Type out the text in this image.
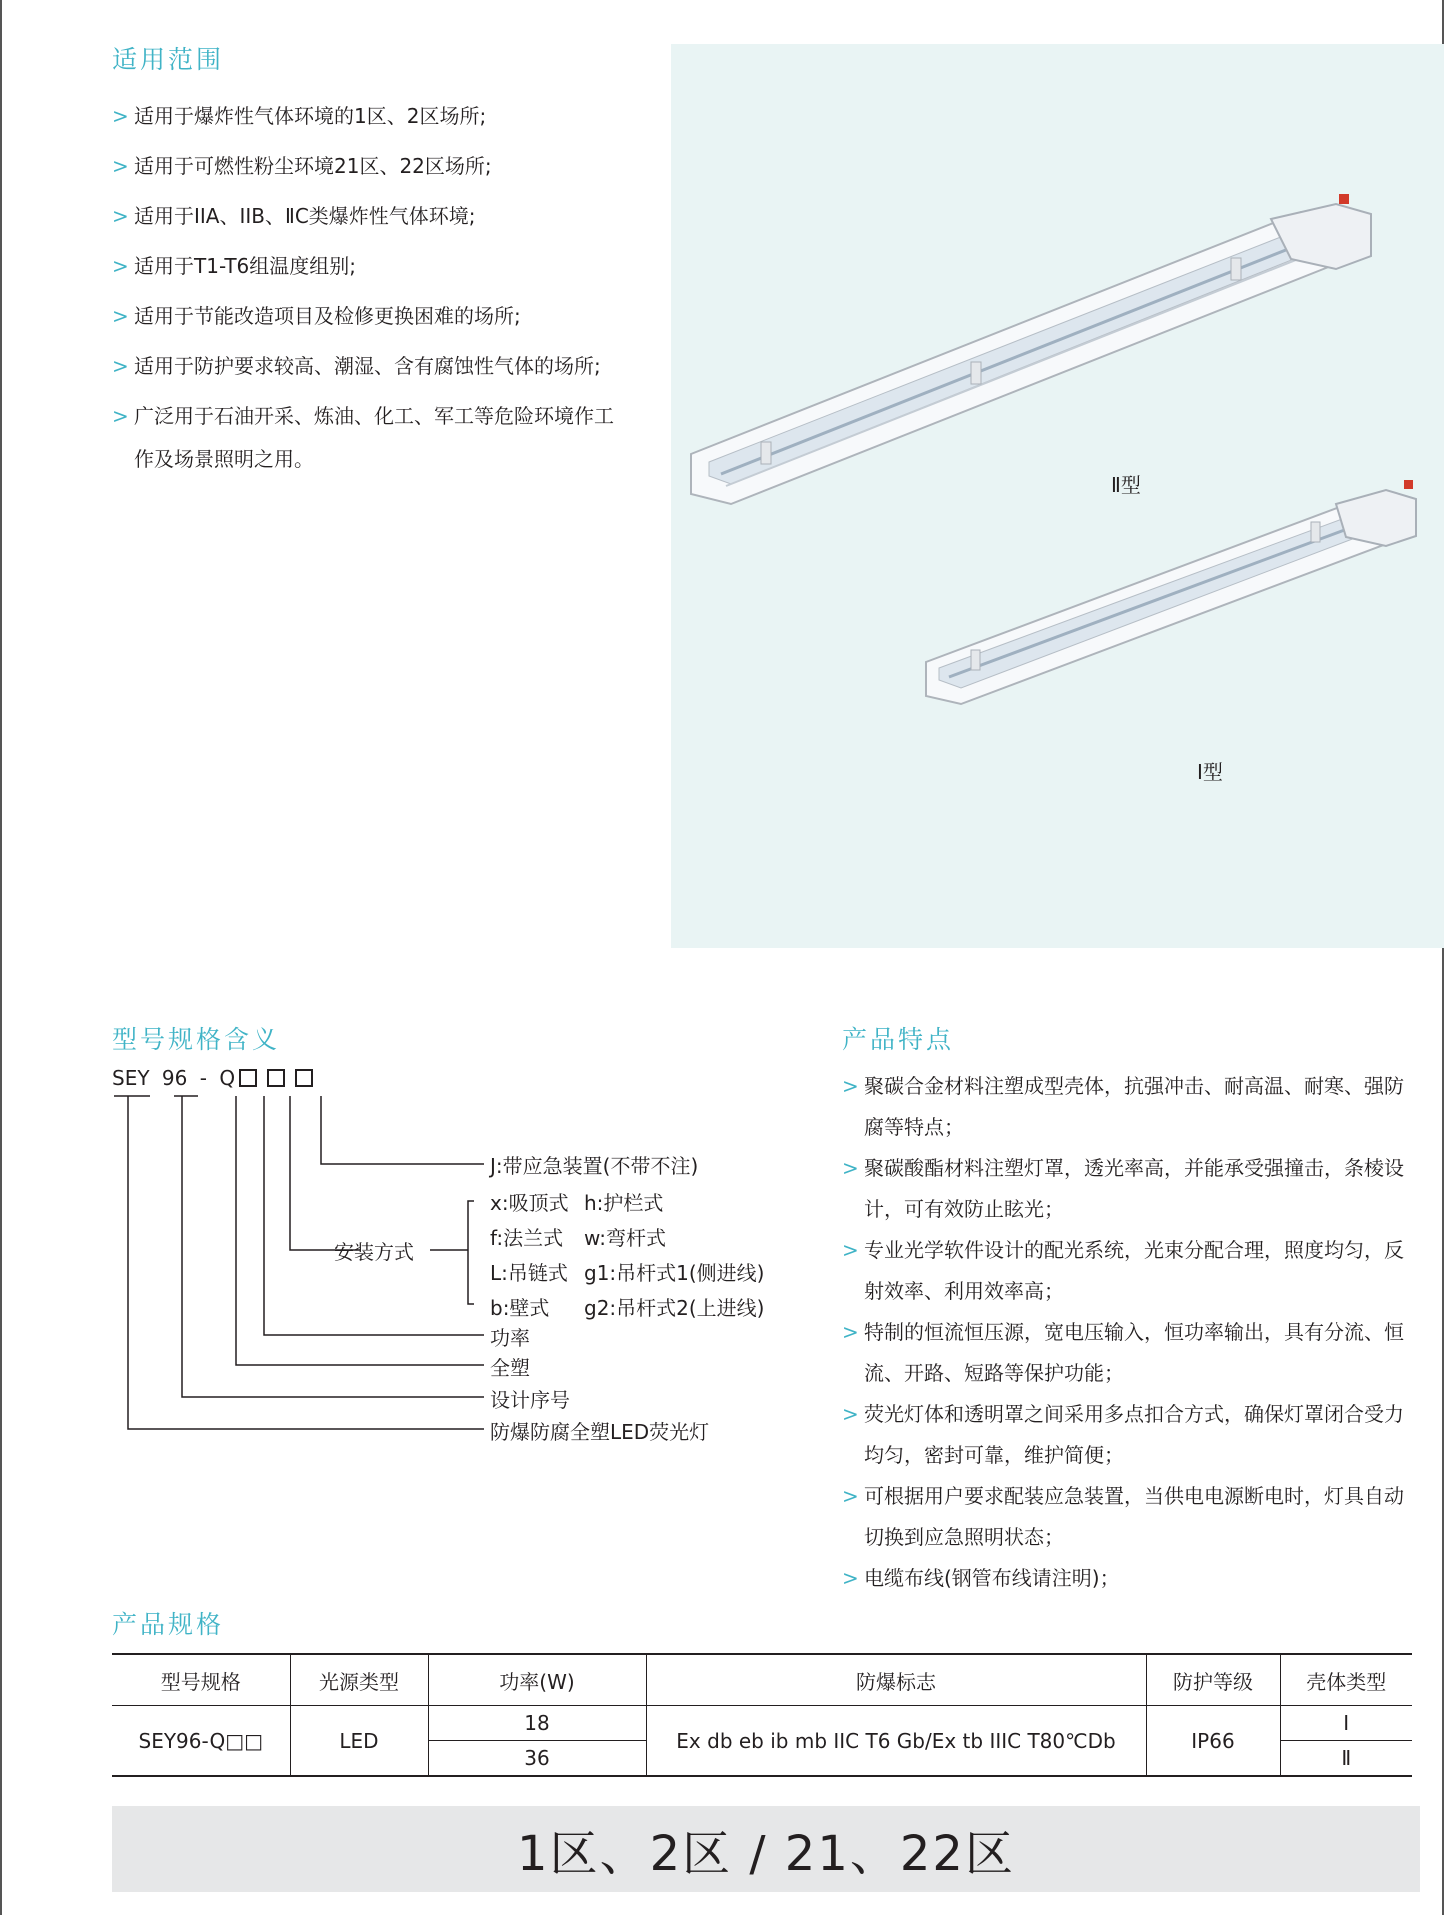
适用范围
> 适用于爆炸性气体环境的1区、2区场所;
> 适用于可燃性粉尘环境21区、22区场所;
> 适用于IIA、IIB、ⅡC类爆炸性气体环境;
> 适用于T1-T6组温度组别;
> 适用于节能改造项目及检修更换困难的场所;
> 适用于防护要求较高、潮湿、含有腐蚀性气体的场所;
> 广泛用于石油开采、炼油、化工、军工等危险环境作工作及场景照明之用。
Ⅱ型
Ⅰ型
型号规格含义
SEY 96 - Q
J:带应急装置(不带不注)
安装方式
x:吸顶式 h:护栏式
f:法兰式 w:弯杆式
L:吊链式 g1:吊杆式1(侧进线)
b:壁式 g2:吊杆式2(上进线)
功率
全塑
设计序号
防爆防腐全塑LED荧光灯
产品特点
> 聚碳合金材料注塑成型壳体，抗强冲击、耐高温、耐寒、强防腐等特点；
> 聚碳酸酯材料注塑灯罩，透光率高，并能承受强撞击，条棱设计，可有效防止眩光；
> 专业光学软件设计的配光系统，光束分配合理，照度均匀，反射效率、利用效率高；
> 特制的恒流恒压源，宽电压输入，恒功率输出，具有分流、恒流、开路、短路等保护功能；
> 荧光灯体和透明罩之间采用多点扣合方式，确保灯罩闭合受力均匀，密封可靠，维护简便；
> 可根据用户要求配装应急装置，当供电电源断电时，灯具自动切换到应急照明状态；
> 电缆布线(钢管布线请注明)；
产品规格
型号规格	光源类型	功率(W)	防爆标志	防护等级	壳体类型
SEY96-Q□□	LED	18	Ex db eb ib mb IIC T6 Gb/Ex tb IIIC T80℃Db	IP66	Ⅰ
		36			Ⅱ
1区、2区 / 21、22区
